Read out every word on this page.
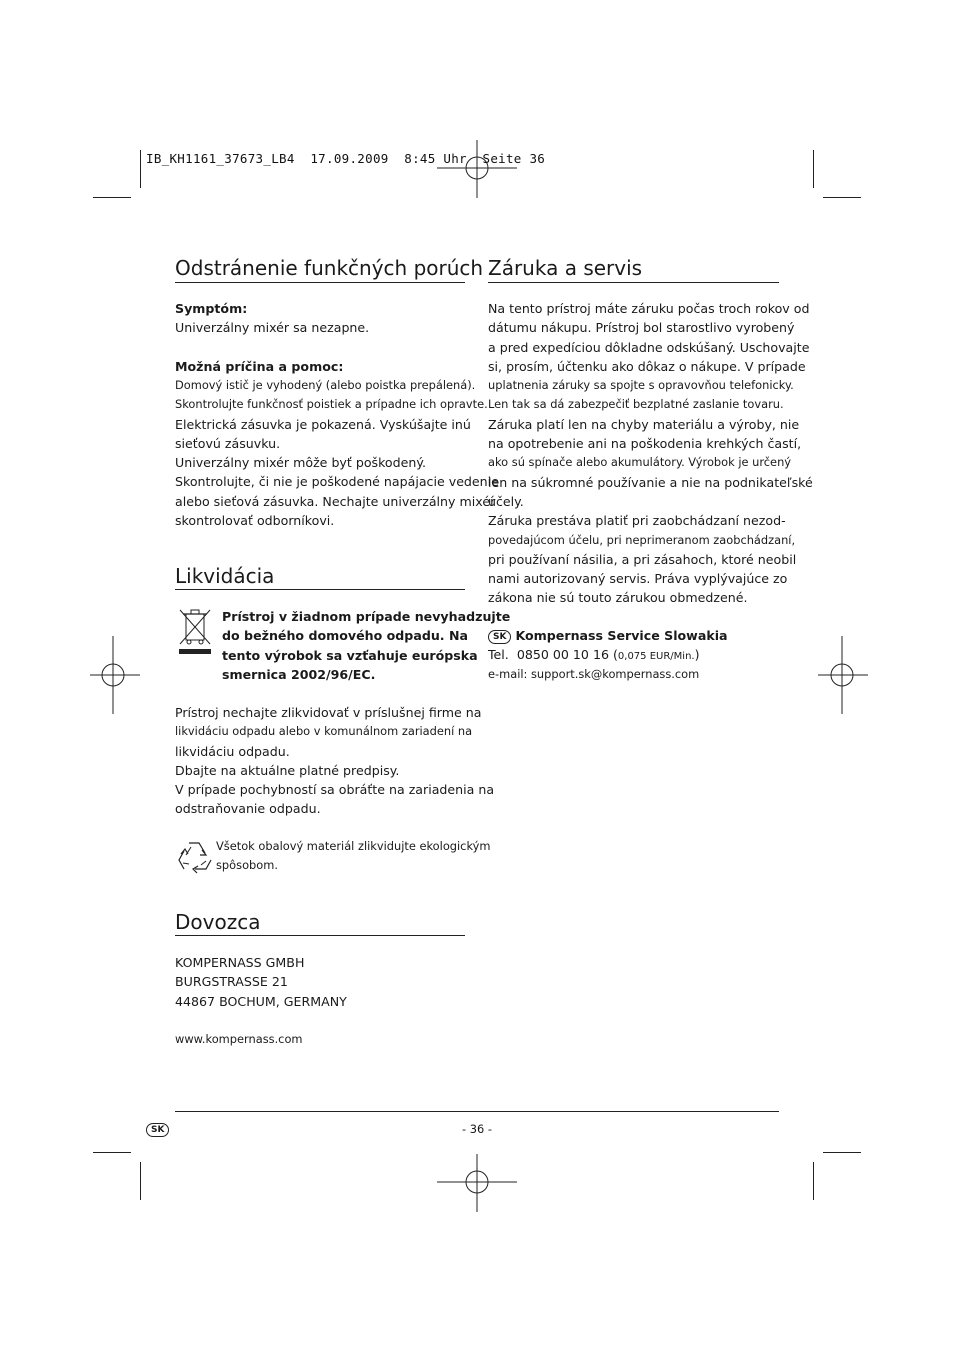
IB_KH1161_37673_LB4  17.09.2009  8:45 Uhr  Seite 36
Odstránenie funkčných porúch
Symptóm:
Univerzálny mixér sa nezapne.
Možná príčina a pomoc:
Domový istič je vyhodený (alebo poistka prepálená).
Skontrolujte funkčnosť poistiek a prípadne ich opravte.
Elektrická zásuvka je pokazená. Vyskúšajte inú
sieťovú zásuvku.
Univerzálny mixér môže byť poškodený.
Skontrolujte, či nie je poškodené napájacie vedenie
alebo sieťová zásuvka. Nechajte univerzálny mixér
skontrolovať odborníkovi.
Likvidácia
Prístroj v žiadnom prípade nevyhadzujte
do bežného domového odpadu. Na
tento výrobok sa vzťahuje európska
smernica 2002/96/EC.
Prístroj nechajte zlikvidovať v príslušnej firme na
likvidáciu odpadu alebo v komunálnom zariadení na
likvidáciu odpadu.
Dbajte na aktuálne platné predpisy.
V prípade pochybností sa obráťte na zariadenia na
odstraňovanie odpadu.
Všetok obalový materiál zlikvidujte ekologickým
spôsobom.
Dovozca
KOMPERNASS GMBH
BURGSTRASSE 21
44867 BOCHUM, GERMANY
www.kompernass.com
Záruka a servis
Na tento prístroj máte záruku počas troch rokov od
dátumu nákupu. Prístroj bol starostlivo vyrobený
a pred expedíciou dôkladne odskúšaný. Uschovajte
si, prosím, účtenku ako dôkaz o nákupe. V prípade
uplatnenia záruky sa spojte s opravovňou telefonicky.
Len tak sa dá zabezpečiť bezplatné zaslanie tovaru.
Záruka platí len na chyby materiálu a výroby, nie
na opotrebenie ani na poškodenia krehkých častí,
ako sú spínače alebo akumulátory. Výrobok je určený
len na súkromné používanie a nie na podnikateľské
účely.
Záruka prestáva platiť pri zaobchádzaní nezod-
povedajúcom účelu, pri neprimeranom zaobchádzaní,
pri používaní násilia, a pri zásahoch, ktoré neobil
nami autorizovaný servis. Práva vyplývajúce zo
zákona nie sú touto zárukou obmedzené.
SK Kompernass Service Slowakia
Tel. 0850 00 10 16 (0,075 EUR/Min.)
e-mail: support.sk@kompernass.com
SK	- 36 -
